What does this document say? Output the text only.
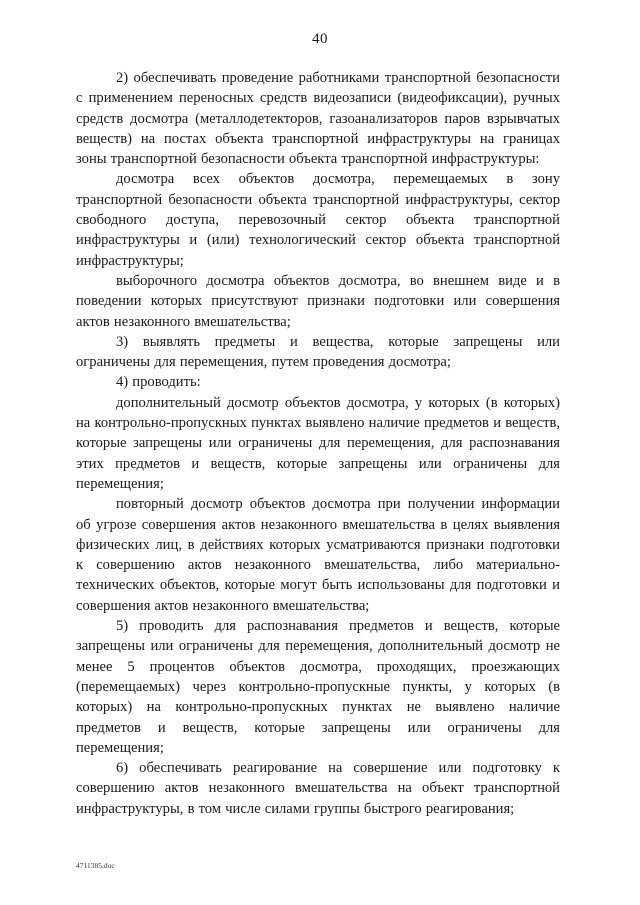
40

2) обеспечивать проведение работниками транспортной безопасности с применением переносных средств видеозаписи (видеофиксации), ручных средств досмотра (металлодетекторов, газоанализаторов паров взрывчатых веществ) на постах объекта транспортной инфраструктуры на границах зоны транспортной безопасности объекта транспортной инфраструктуры:

досмотра всех объектов досмотра, перемещаемых в зону транспортной безопасности объекта транспортной инфраструктуры, сектор свободного доступа, перевозочный сектор объекта транспортной инфраструктуры и (или) технологический сектор объекта транспортной инфраструктуры;

выборочного досмотра объектов досмотра, во внешнем виде и в поведении которых присутствуют признаки подготовки или совершения актов незаконного вмешательства;

3) выявлять предметы и вещества, которые запрещены или ограничены для перемещения, путем проведения досмотра;

4) проводить:

дополнительный досмотр объектов досмотра, у которых (в которых) на контрольно-пропускных пунктах выявлено наличие предметов и веществ, которые запрещены или ограничены для перемещения, для распознавания этих предметов и веществ, которые запрещены или ограничены для перемещения;

повторный досмотр объектов досмотра при получении информации об угрозе совершения актов незаконного вмешательства в целях выявления физических лиц, в действиях которых усматриваются признаки подготовки к совершению актов незаконного вмешательства, либо материально-технических объектов, которые могут быть использованы для подготовки и совершения актов незаконного вмешательства;

5) проводить для распознавания предметов и веществ, которые запрещены или ограничены для перемещения, дополнительный досмотр не менее 5 процентов объектов досмотра, проходящих, проезжающих (перемещаемых) через контрольно-пропускные пункты, у которых (в которых) на контрольно-пропускных пунктах не выявлено наличие предметов и веществ, которые запрещены или ограничены для перемещения;

6) обеспечивать реагирование на совершение или подготовку к совершению актов незаконного вмешательства на объект транспортной инфраструктуры, в том числе силами группы быстрого реагирования;

4711385.doc
